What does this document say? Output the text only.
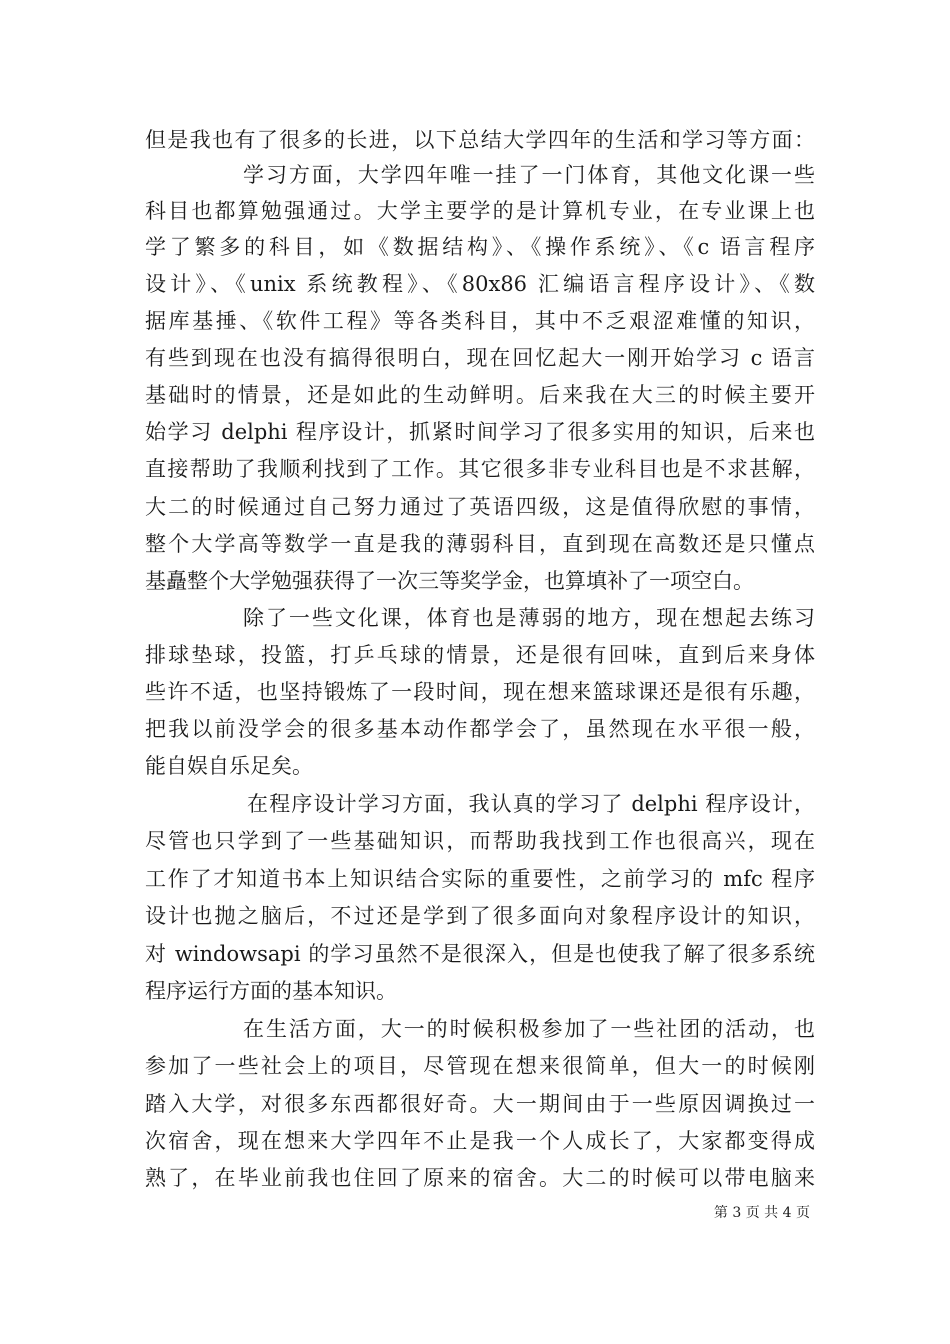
但是我也有了很多的长进，以下总结大学四年的生活和学习等方面：
学习方面，大学四年唯一挂了一门体育，其他文化课一些
科目也都算勉强通过。大学主要学的是计算机专业，在专业课上也
学了繁多的科目，如《数据结构》、《操作系统》、《c 语言程序
设计》、《unix 系统教程》、《80x86 汇编语言程序设计》、《数
据库基捶、《软件工程》等各类科目，其中不乏艰涩难懂的知识，
有些到现在也没有搞得很明白，现在回忆起大一刚开始学习 c 语言
基础时的情景，还是如此的生动鲜明。后来我在大三的时候主要开
始学习 delphi 程序设计，抓紧时间学习了很多实用的知识，后来也
直接帮助了我顺利找到了工作。其它很多非专业科目也是不求甚解，
大二的时候通过自己努力通过了英语四级，这是值得欣慰的事情，
整个大学高等数学一直是我的薄弱科目，直到现在高数还是只懂点
基矗整个大学勉强获得了一次三等奖学金，也算填补了一项空白。
除了一些文化课，体育也是薄弱的地方，现在想起去练习
排球垫球，投篮，打乒乓球的情景，还是很有回味，直到后来身体
些许不适，也坚持锻炼了一段时间，现在想来篮球课还是很有乐趣，
把我以前没学会的很多基本动作都学会了，虽然现在水平很一般，
能自娱自乐足矣。
在程序设计学习方面，我认真的学习了 delphi 程序设计，
尽管也只学到了一些基础知识，而帮助我找到工作也很高兴，现在
工作了才知道书本上知识结合实际的重要性，之前学习的 mfc 程序
设计也抛之脑后，不过还是学到了很多面向对象程序设计的知识，
对 windowsapi 的学习虽然不是很深入，但是也使我了解了很多系统
程序运行方面的基本知识。
在生活方面，大一的时候积极参加了一些社团的活动，也
参加了一些社会上的项目，尽管现在想来很简单，但大一的时候刚
踏入大学，对很多东西都很好奇。大一期间由于一些原因调换过一
次宿舍，现在想来大学四年不止是我一个人成长了，大家都变得成
熟了，在毕业前我也住回了原来的宿舍。大二的时候可以带电脑来
第 3 页 共 4 页
